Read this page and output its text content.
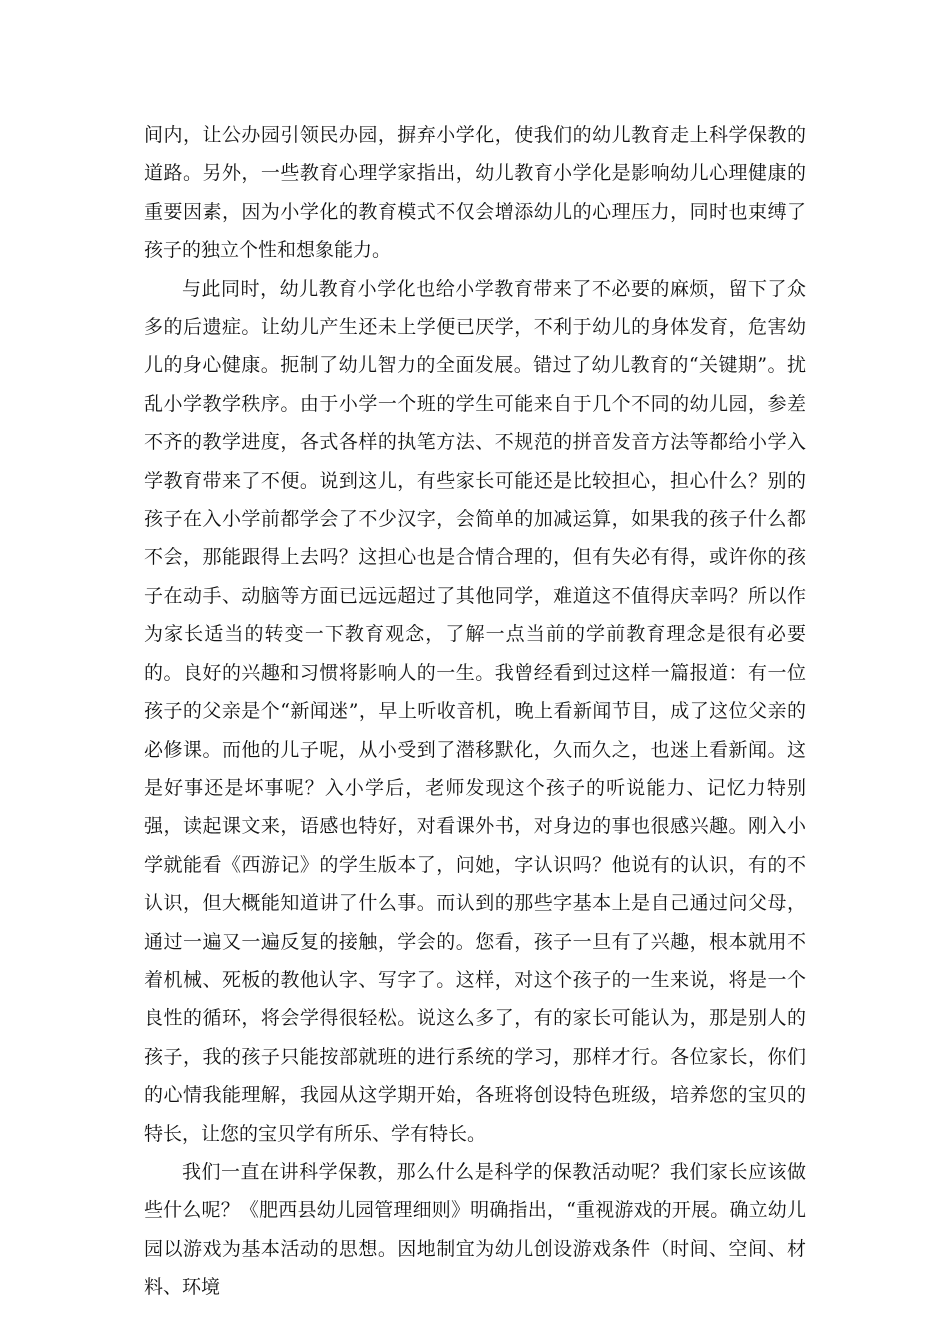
间内，让公办园引领民办园，摒弃小学化，使我们的幼儿教育走上科学保教的道路。另外，一些教育心理学家指出，幼儿教育小学化是影响幼儿心理健康的重要因素，因为小学化的教育模式不仅会增添幼儿的心理压力，同时也束缚了孩子的独立个性和想象能力。

与此同时，幼儿教育小学化也给小学教育带来了不必要的麻烦，留下了众多的后遗症。让幼儿产生还未上学便已厌学，不利于幼儿的身体发育，危害幼儿的身心健康。扼制了幼儿智力的全面发展。错过了幼儿教育的“关键期”。扰乱小学教学秩序。由于小学一个班的学生可能来自于几个不同的幼儿园，参差不齐的教学进度，各式各样的执笔方法、不规范的拼音发音方法等都给小学入学教育带来了不便。说到这儿，有些家长可能还是比较担心，担心什么？别的孩子在入小学前都学会了不少汉字，会简单的加减运算，如果我的孩子什么都不会，那能跟得上去吗？这担心也是合情合理的，但有失必有得，或许你的孩子在动手、动脑等方面已远远超过了其他同学，难道这不值得庆幸吗？所以作为家长适当的转变一下教育观念，了解一点当前的学前教育理念是很有必要的。良好的兴趣和习惯将影响人的一生。我曾经看到过这样一篇报道：有一位孩子的父亲是个“新闻迷”，早上听收音机，晚上看新闻节目，成了这位父亲的必修课。而他的儿子呢，从小受到了潜移默化，久而久之，也迷上看新闻。这是好事还是坏事呢？入小学后，老师发现这个孩子的听说能力、记忆力特别强，读起课文来，语感也特好，对看课外书，对身边的事也很感兴趣。刚入小学就能看《西游记》的学生版本了，问她，字认识吗？他说有的认识，有的不认识，但大概能知道讲了什么事。而认到的那些字基本上是自己通过问父母，通过一遍又一遍反复的接触，学会的。您看，孩子一旦有了兴趣，根本就用不着机械、死板的教他认字、写字了。这样，对这个孩子的一生来说，将是一个良性的循环，将会学得很轻松。说这么多了，有的家长可能认为，那是别人的孩子，我的孩子只能按部就班的进行系统的学习，那样才行。各位家长，你们的心情我能理解，我园从这学期开始，各班将创设特色班级，培养您的宝贝的特长，让您的宝贝学有所乐、学有特长。

我们一直在讲科学保教，那么什么是科学的保教活动呢？我们家长应该做些什么呢？《肥西县幼儿园管理细则》明确指出，“重视游戏的开展。确立幼儿园以游戏为基本活动的思想。因地制宜为幼儿创设游戏条件（时间、空间、材料、环境
